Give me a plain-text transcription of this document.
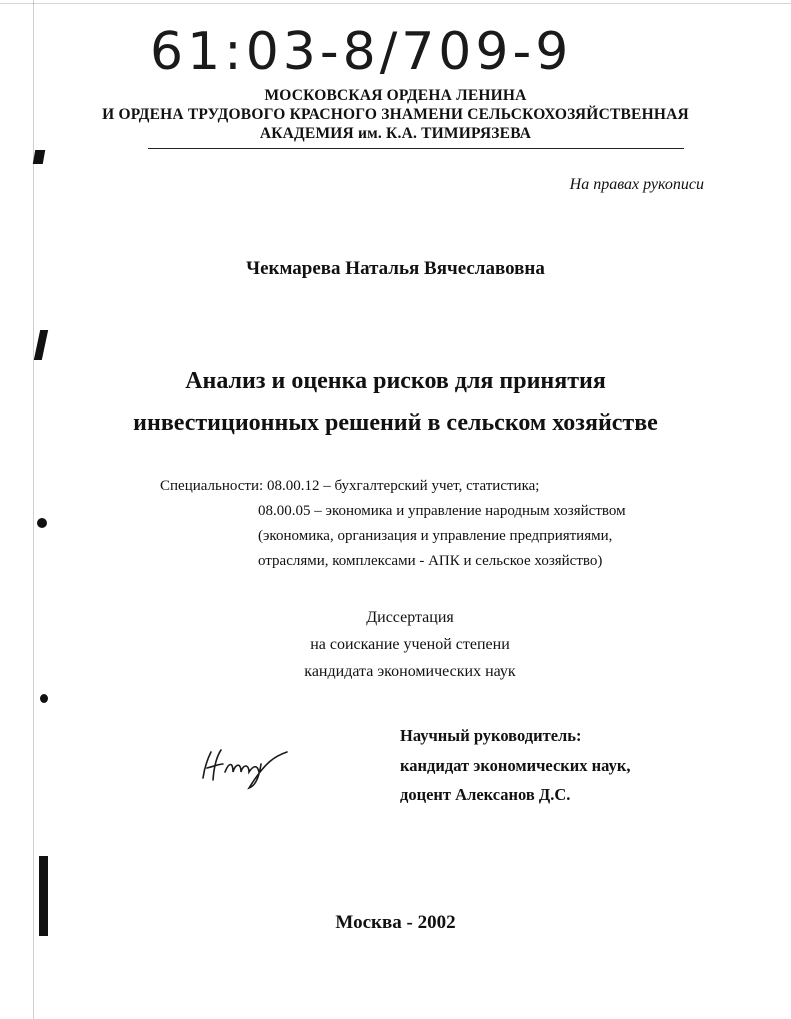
61:03-8/709-9
МОСКОВСКАЯ ОРДЕНА ЛЕНИНА
И ОРДЕНА ТРУДОВОГО КРАСНОГО ЗНАМЕНИ СЕЛЬСКОХОЗЯЙСТВЕННАЯ
АКАДЕМИЯ им. К.А. ТИМИРЯЗЕВА
На правах рукописи
Чекмарева Наталья Вячеславовна
Анализ и оценка рисков для принятия
инвестиционных решений в сельском хозяйстве
Специальности: 08.00.12 – бухгалтерский учет, статистика;
08.00.05 – экономика и управление народным хозяйством
(экономика, организация и управление предприятиями,
отраслями, комплексами - АПК и сельское хозяйство)
Диссертация
на соискание ученой степени
кандидата экономических наук
Научный руководитель:
кандидат экономических наук,
доцент Алексанов Д.С.
Москва - 2002
